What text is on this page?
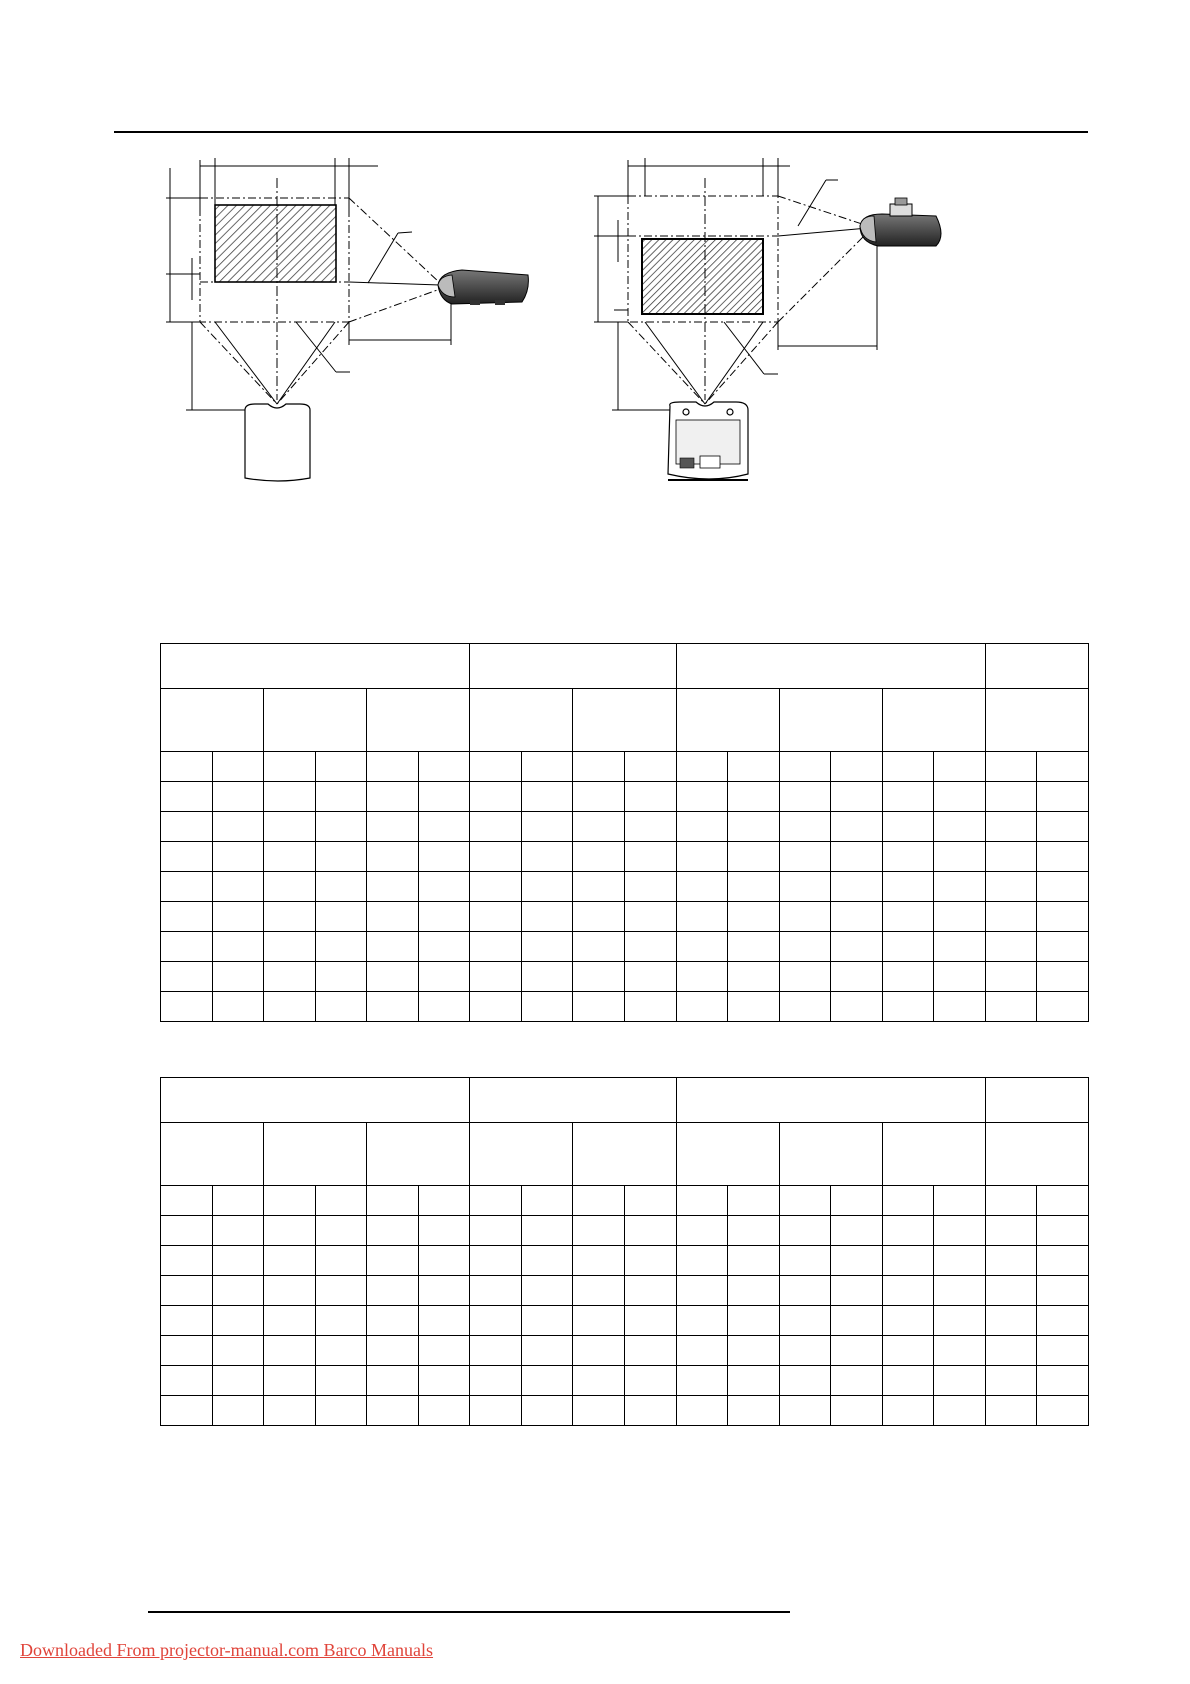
Downloaded From projector-manual.com Barco Manuals
